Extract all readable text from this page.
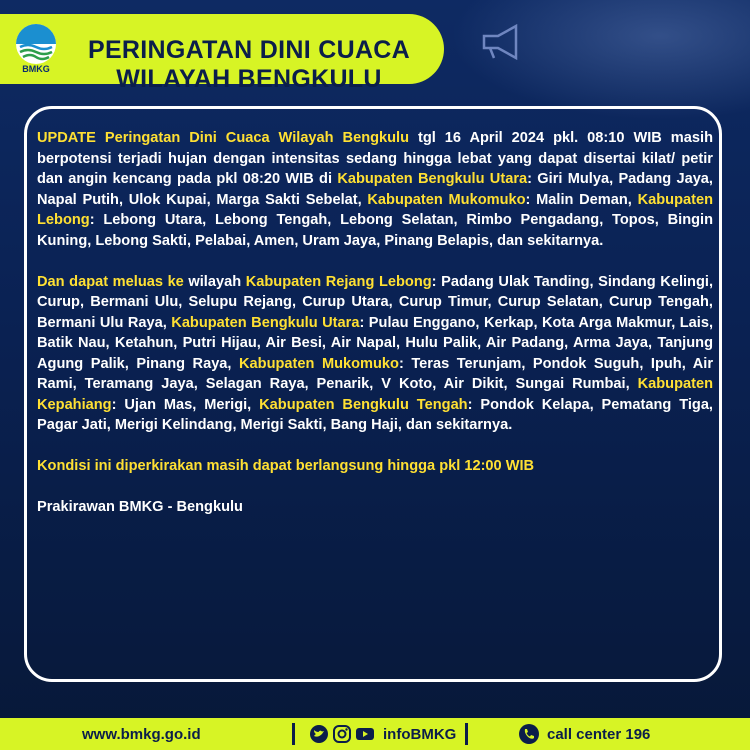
PERINGATAN DINI CUACA
WILAYAH BENGKULU
BMKG

UPDATE Peringatan Dini Cuaca Wilayah Bengkulu tgl 16 April 2024 pkl. 08:10 WIB masih berpotensi terjadi hujan dengan intensitas sedang hingga lebat yang dapat disertai kilat/ petir dan angin kencang pada pkl 08:20 WIB di Kabupaten Bengkulu Utara: Giri Mulya, Padang Jaya, Napal Putih, Ulok Kupai, Marga Sakti Sebelat, Kabupaten Mukomuko: Malin Deman, Kabupaten Lebong: Lebong Utara, Lebong Tengah, Lebong Selatan, Rimbo Pengadang, Topos, Bingin Kuning, Lebong Sakti, Pelabai, Amen, Uram Jaya, Pinang Belapis, dan sekitarnya.

Dan dapat meluas ke wilayah Kabupaten Rejang Lebong: Padang Ulak Tanding, Sindang Kelingi, Curup, Bermani Ulu, Selupu Rejang, Curup Utara, Curup Timur, Curup Selatan, Curup Tengah, Bermani Ulu Raya, Kabupaten Bengkulu Utara: Pulau Enggano, Kerkap, Kota Arga Makmur, Lais, Batik Nau, Ketahun, Putri Hijau, Air Besi, Air Napal, Hulu Palik, Air Padang, Arma Jaya, Tanjung Agung Palik, Pinang Raya, Kabupaten Mukomuko: Teras Terunjam, Pondok Suguh, Ipuh, Air Rami, Teramang Jaya, Selagan Raya, Penarik, V Koto, Air Dikit, Sungai Rumbai, Kabupaten Kepahiang: Ujan Mas, Merigi, Kabupaten Bengkulu Tengah: Pondok Kelapa, Pematang Tiga, Pagar Jati, Merigi Kelindang, Merigi Sakti, Bang Haji, dan sekitarnya.

Kondisi ini diperkirakan masih dapat berlangsung hingga pkl 12:00 WIB

Prakirawan BMKG - Bengkulu

www.bmkg.go.id	infoBMKG	call center 196
